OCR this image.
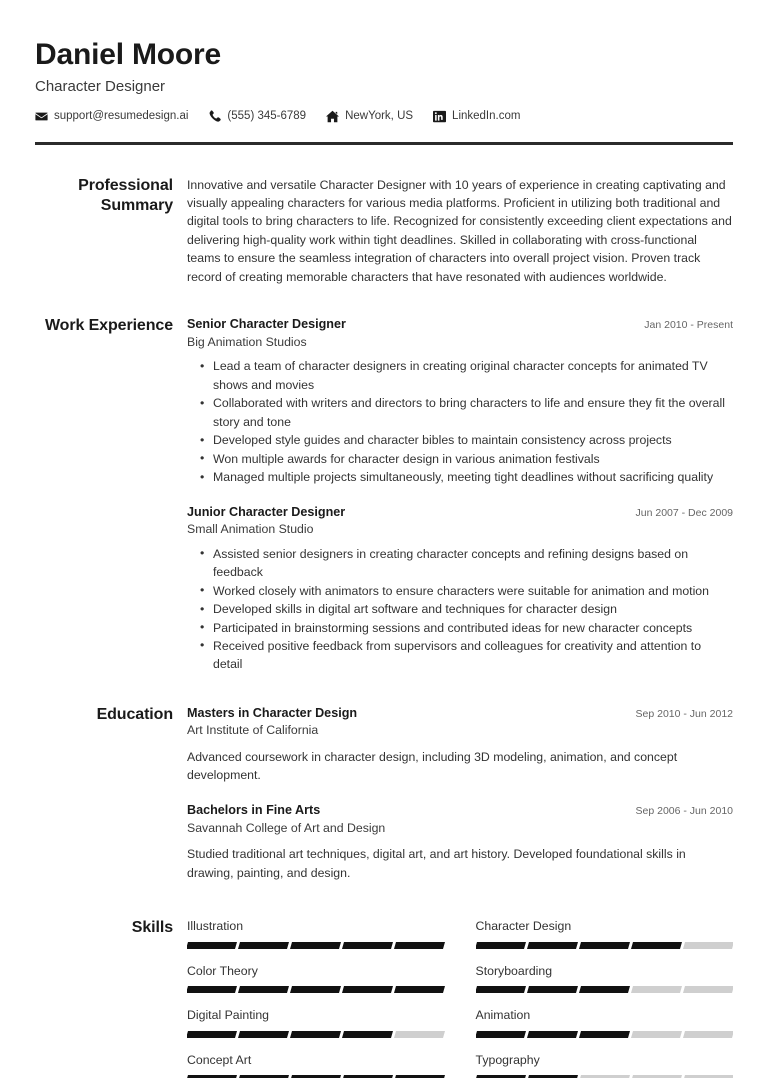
Daniel Moore
Character Designer
support@resumedesign.ai	(555) 345-6789	NewYork, US	LinkedIn.com
Professional Summary
Innovative and versatile Character Designer with 10 years of experience in creating captivating and visually appealing characters for various media platforms. Proficient in utilizing both traditional and digital tools to bring characters to life. Recognized for consistently exceeding client expectations and delivering high-quality work within tight deadlines. Skilled in collaborating with cross-functional teams to ensure the seamless integration of characters into overall project vision. Proven track record of creating memorable characters that have resonated with audiences worldwide.
Work Experience	Senior Character Designer	Jan 2010 - Present
Big Animation Studios
• Lead a team of character designers in creating original character concepts for animated TV shows and movies
• Collaborated with writers and directors to bring characters to life and ensure they fit the overall story and tone
• Developed style guides and character bibles to maintain consistency across projects
• Won multiple awards for character design in various animation festivals
• Managed multiple projects simultaneously, meeting tight deadlines without sacrificing quality
Junior Character Designer	Jun 2007 - Dec 2009
Small Animation Studio
• Assisted senior designers in creating character concepts and refining designs based on feedback
• Worked closely with animators to ensure characters were suitable for animation and motion
• Developed skills in digital art software and techniques for character design
• Participated in brainstorming sessions and contributed ideas for new character concepts
• Received positive feedback from supervisors and colleagues for creativity and attention to detail
Education	Masters in Character Design	Sep 2010 - Jun 2012
Art Institute of California
Advanced coursework in character design, including 3D modeling, animation, and concept development.
Bachelors in Fine Arts	Sep 2006 - Jun 2010
Savannah College of Art and Design
Studied traditional art techniques, digital art, and art history. Developed foundational skills in drawing, painting, and design.
Skills	Illustration	Character Design
Color Theory	Storyboarding
Digital Painting	Animation
Concept Art	Typography
